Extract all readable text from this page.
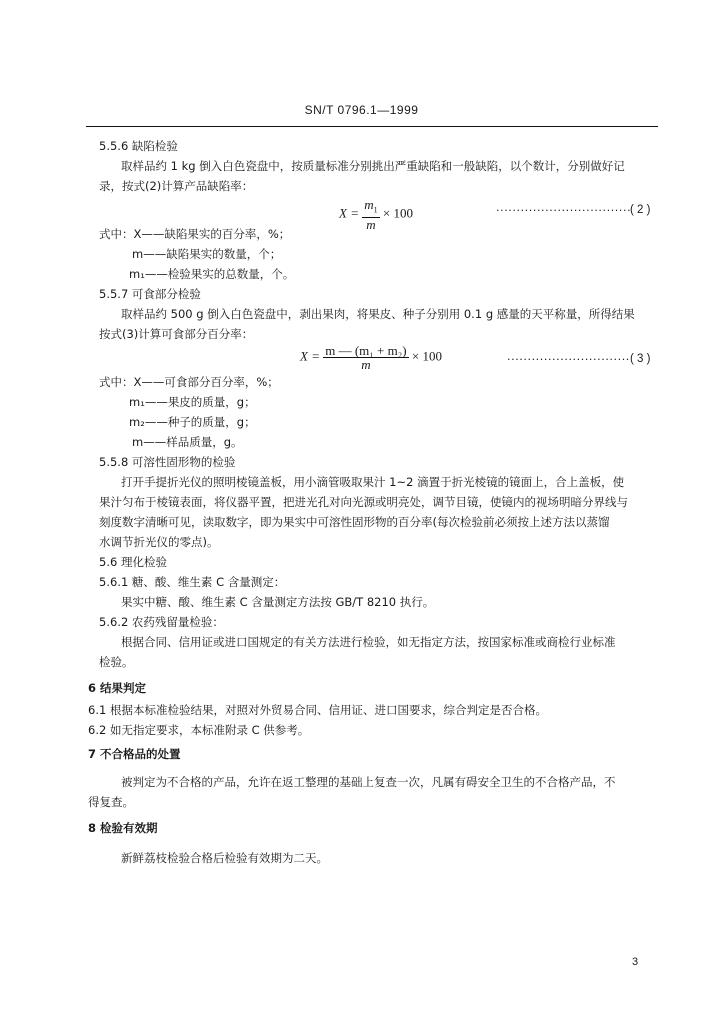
SN/T 0796.1—1999
5.5.6 缺陷检验
取样品约 1 kg 倒入白色瓷盘中，按质量标准分别挑出严重缺陷和一般缺陷，以个数计，分别做好记
录，按式(2)计算产品缺陷率：
$X = \frac{m_1}{m} \times 100$	·································
( 2 )
式中：X——缺陷果实的百分率，%；
m——缺陷果实的数量，个；
m₁——检验果实的总数量，个。
5.5.7 可食部分检验
取样品约 500 g 倒入白色瓷盘中，剥出果肉，将果皮、种子分别用 0.1 g 感量的天平称量，所得结果
按式(3)计算可食部分百分率：
$X = \frac{\text{m — (m₁ + m₂)}}{m} \times 100$	······························ ( 3 )
式中：X——可食部分百分率，%；
m₁——果皮的质量，g；
m₂——种子的质量，g；
m——样品质量，g。
5.5.8 可溶性固形物的检验
打开手提折光仪的照明棱镜盖板，用小滴管吸取果汁 1~2 滴置于折光棱镜的镜面上，合上盖板，使
果汁匀布于棱镜表面，将仪器平置，把进光孔对向光源或明亮处，调节目镜，使镜内的视场明暗分界线与
刻度数字清晰可见，读取数字，即为果实中可溶性固形物的百分率(每次检验前必须按上述方法以蒸馏
水调节折光仪的零点)。
5.6 理化检验
5.6.1 糖、酸、维生素 C 含量测定：
果实中糖、酸、维生素 C 含量测定方法按 GB/T 8210 执行。
5.6.2 农药残留量检验：
根据合同、信用证或进口国规定的有关方法进行检验，如无指定方法，按国家标准或商检行业标准
检验。
6 结果判定
6.1 根据本标准检验结果，对照对外贸易合同、信用证、进口国要求，综合判定是否合格。
6.2 如无指定要求，本标准附录 C 供参考。
7 不合格品的处置
被判定为不合格的产品，允许在返工整理的基础上复查一次，凡属有碍安全卫生的不合格产品，不
得复查。
8 检验有效期
新鲜荔枝检验合格后检验有效期为二天。
3
